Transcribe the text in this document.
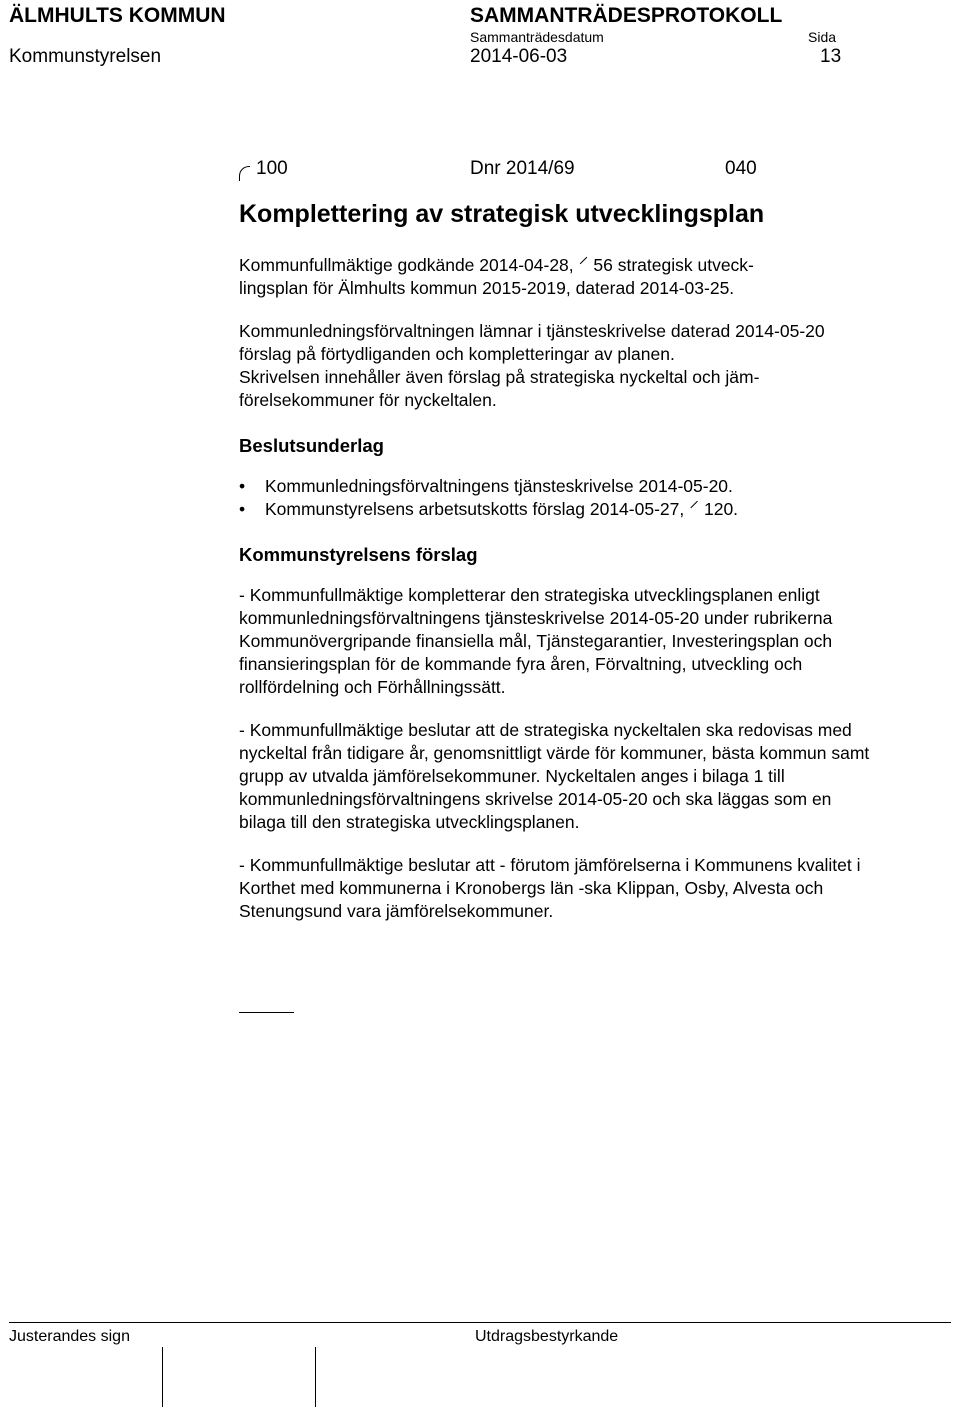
ÄLMHULTS KOMMUN	SAMMANTRÄDESPROTOKOLL
Sammanträdesdatum	Sida
Kommunstyrelsen	2014-06-03	13
100	Dnr 2014/69	040
Komplettering av strategisk utvecklingsplan

Kommunfullmäktige godkände 2014-04-28, ⸍ 56 strategisk utveck-
lingsplan för Älmhults kommun 2015-2019, daterad 2014-03-25.

Kommunledningsförvaltningen lämnar i tjänsteskrivelse daterad 2014-05-20 förslag på förtydliganden och kompletteringar av planen.

Skrivelsen innehåller även förslag på strategiska nyckeltal och jämförelsekommuner för nyckeltalen.

Beslutsunderlag
• Kommunledningsförvaltningens tjänsteskrivelse 2014-05-20.
• Kommunstyrelsens arbetsutskotts förslag 2014-05-27, ⸍ 120.
Kommunstyrelsens förslag

- Kommunfullmäktige kompletterar den strategiska utvecklingsplanen enligt kommunledningsförvaltningens tjänsteskrivelse 2014-05-20 under rubrikerna Kommunövergripande finansiella mål, Tjänstegarantier, Investeringsplan och finansieringsplan för de kommande fyra åren, Förvaltning, utveckling och rollfördelning och Förhållningssätt.

- Kommunfullmäktige beslutar att de strategiska nyckeltalen ska redovisas med nyckeltal från tidigare år, genomsnittligt värde för kommuner, bästa kommun samt grupp av utvalda jämförelsekommuner. Nyckeltalen anges i bilaga 1 till kommunledningsförvaltningens skrivelse 2014-05-20 och ska läggas som en bilaga till den strategiska utvecklingsplanen.

- Kommunfullmäktige beslutar att - förutom jämförelserna i Kommunens kvalitet i Korthet med kommunerna i Kronobergs län -ska Klippan, Osby, Alvesta och Stenungsund vara jämförelsekommuner.

Justerandes sign	Utdragsbestyrkande
